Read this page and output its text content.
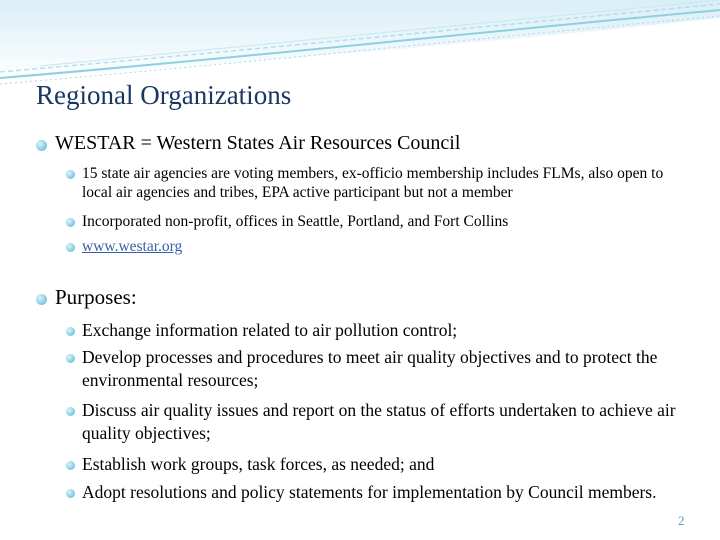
Regional Organizations
WESTAR = Western States Air Resources Council
15 state air agencies are voting members, ex-officio membership includes FLMs, also open to local air agencies and tribes, EPA active participant but not a member
Incorporated non-profit, offices in Seattle, Portland, and Fort Collins
www.westar.org
Purposes:
Exchange information related to air pollution control;
Develop processes and procedures to meet air quality objectives and to protect the environmental resources;
Discuss air quality issues and report on the status of efforts undertaken to achieve air quality objectives;
Establish work groups, task forces, as needed; and
Adopt resolutions and policy statements for implementation by Council members.
2
